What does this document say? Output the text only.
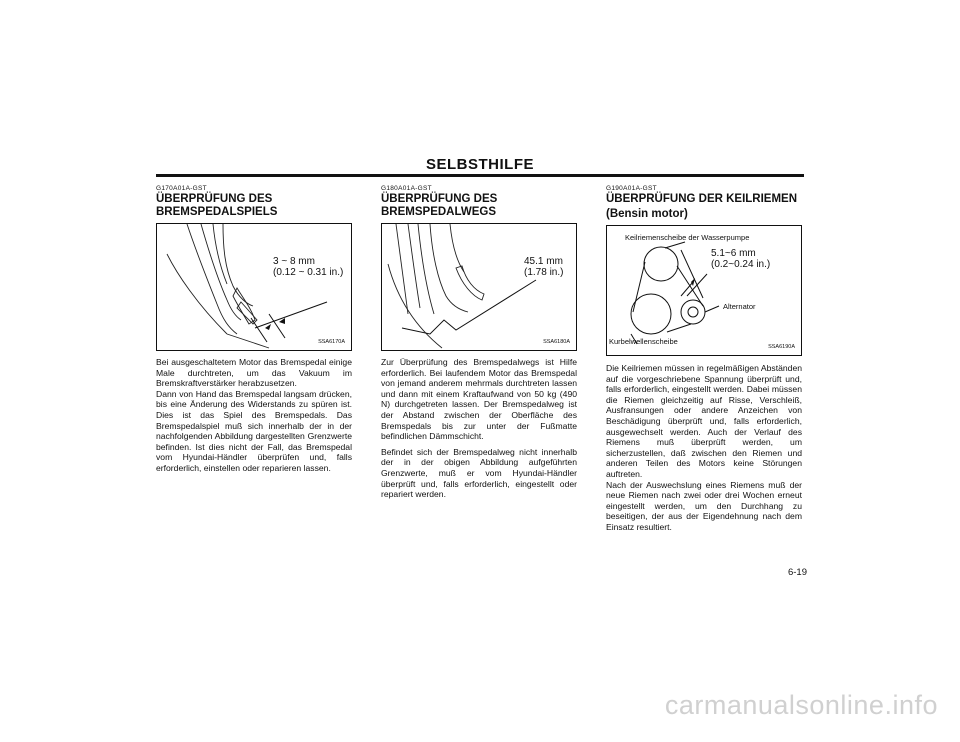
SELBSTHILFE
G170A01A-GST
ÜBERPRÜFUNG DES
BREMSPEDALSPIELS
3 ~ 8 mm
(0.12 ~ 0.31 in.)
SSA6170A

Bei ausgeschaltetem Motor das Bremspedal einige Male durchtreten, um das Vakuum im Bremskraftverstärker herabzusetzen.

Dann von Hand das Bremspedal langsam drücken, bis eine Änderung des Widerstands zu spüren ist. Dies ist das Spiel des Bremspedals. Das Bremspedalspiel muß sich innerhalb der in der nachfolgenden Abbildung dargestellten Grenzwerte befinden. Ist dies nicht der Fall, das Bremspedal vom Hyundai-Händler überprüfen und, falls erforderlich, einstellen oder reparieren lassen.

G180A01A-GST
ÜBERPRÜFUNG DES
BREMSPEDALWEGS
45.1 mm
(1.78 in.)
SSA6180A

Zur Überprüfung des Bremspedalwegs ist Hilfe erforderlich. Bei laufendem Motor das Bremspedal von jemand anderem mehrmals durchtreten lassen und dann mit einem Kraftaufwand von 50 kg (490 N) durchgetreten lassen. Der Bremspedalweg ist der Abstand zwischen der Oberfläche des Bremspedals bis zur unter der Fußmatte befindlichen Dämmschicht.

Befindet sich der Bremspedalweg nicht innerhalb der in der obigen Abbildung aufgeführten Grenzwerte, muß er vom Hyundai-Händler überprüft und, falls erforderlich, eingestellt oder repariert werden.

G190A01A-GST
ÜBERPRÜFUNG DER KEILRIEMEN
(Bensin motor)
Keilriemenscheibe der Wasserpumpe
5.1~6 mm
(0.2~0.24 in.)
Alternator
Kurbelwellenscheibe
SSA6190A

Die Keilriemen müssen in regelmäßigen Abständen auf die vorgeschriebene Spannung überprüft und, falls erforderlich, eingestellt werden. Dabei müssen die Riemen gleichzeitig auf Risse, Verschleiß, Ausfransungen oder andere Anzeichen von Beschädigung überprüft und, falls erforderlich, ausgewechselt werden. Auch der Verlauf des Riemens muß überprüft werden, um sicherzustellen, daß zwischen den Riemen und anderen Teilen des Motors keine Störungen auftreten.

Nach der Auswechslung eines Riemens muß der neue Riemen nach zwei oder drei Wochen erneut eingestellt werden, um den Durchhang zu beseitigen, der aus der Eigendehnung nach dem Einsatz resultiert.

6-19
carmanualsonline.info
